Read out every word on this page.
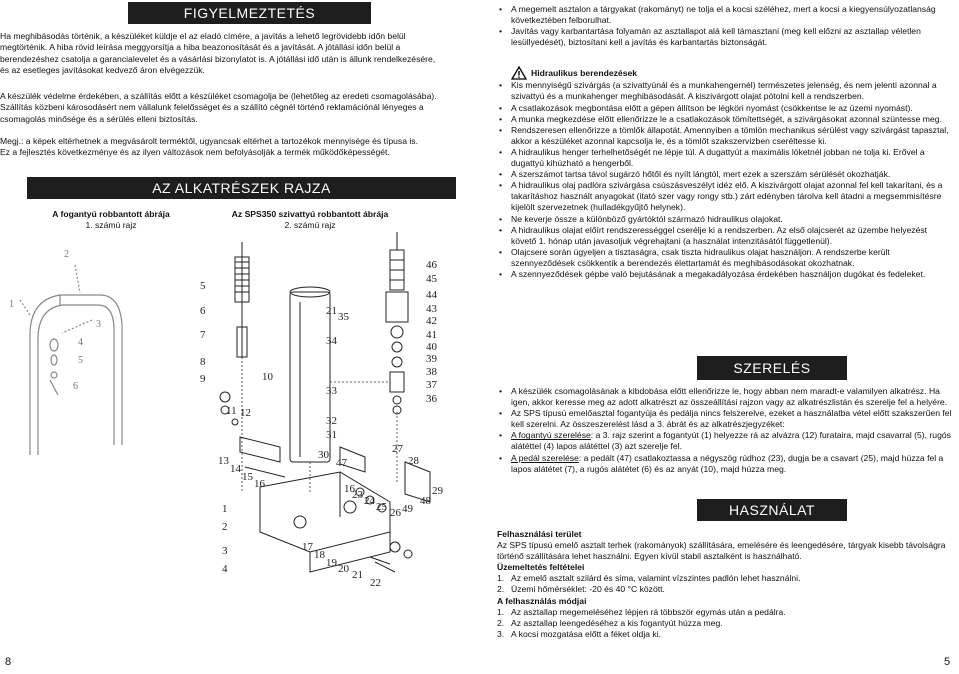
FIGYELMEZTETÉS
Ha meghibásodás történik, a készüléket küldje el az eladó címére, a javítás a lehető legrövidebb időn belül megtörténik. A hiba rövid leírása meggyorsítja a hiba beazonosítását és a javítását. A jótállási időn belül a berendezéshez csatolja a garancialevelet és a vásárlási bizonylatot is. A jótállási idő után is állunk rendelkezésére, és az esetleges javításokat kedvező áron elvégezzük.
A készülék védelme érdekében, a szállítás előtt a készüléket csomagolja be (lehetőleg az eredeti csomagolásába). Szállítás közbeni károsodásért nem vállalunk felelősséget és a szállító cégnél történő reklamációnál lényeges a csomagolás minősége és a sérülés elleni biztosítás.
Megj.: a képek eltérhetnek a megvásárolt terméktől, ugyancsak eltérhet a tartozékok mennyisége és típusa is. Ez a fejlesztés következménye és az ilyen változások nem befolyásolják a termék működőképességét.
AZ ALKATRÉSZEK RAJZA
A fogantyú robbantott ábrája
1. számú rajz
Az SPS350 szivattyú robbantott ábrája
2. számú rajz
1
2
3
4
5
6
5
6
7
8
9	10
11 12
13
14
15
16
1
2
3
4
21 35
34
33
32
31
30
47
16
23 24 25 26 49
48
27
28
29
17
18
19 20 21
22
46
45
44
43
42
41
40
39
38
37
36
8
• A megemelt asztalon a tárgyakat (rakományt) ne tolja el a kocsi széléhez, mert a kocsi a kiegyensúlyozatlanság következtében felborulhat.
• Javítás vagy karbantartása folyamán az asztallapot alá kell támasztani (meg kell előzni az asztallap véletlen lesüllyedését), biztosítani kell a javítás és karbantartás biztonságát.
Hidraulikus berendezések
• Kis mennyiségű szivárgás (a szivattyúnál és a munkahengernél) természetes jelenség, és nem jelenti azonnal a szivattyú és a munkahenger meghibásodását. A kiszivárgott olajat pótolni kell a rendszerben.
• A csatlakozások megbontása előtt a gépen állítson be légköri nyomást (csökkentse le az üzemi nyomást).
• A munka megkezdése előtt ellenőrizze le a csatlakozások tömítettségét, a szivárgásokat azonnal szüntesse meg.
• Rendszeresen ellenőrizze a tömlők állapotát. Amennyiben a tömlön mechanikus sérülést vagy szivárgást tapasztal, akkor a készüléket azonnal kapcsolja le, és a tömlőt szakszervizben cseréltesse ki.
• A hidraulikus henger terhelhetőségét ne lépje túl. A dugattyút a maximális löketnél jobban ne tolja ki. Erővel a dugattyú kihúzható a hengerből.
• A szerszámot tartsa távol sugárzó hőtől és nyílt lángtól, mert ezek a szerszám sérülését okozhatják.
• A hidraulikus olaj padlóra szivárgása csúszásveszélyt idéz elő. A kiszivárgott olajat azonnal fel kell takarítani, és a takarításhoz használt anyagokat (itató szer vagy rongy stb.) zárt edényben tárolva kell átadni a megsemmisítésre kijelölt szervezetnek (hulladékgyűjtő helynek).
• Ne keverje össze a különböző gyártóktól származó hidraulikus olajokat.
• A hidraulikus olajat előírt rendszerességgel cserélje ki a rendszerben. Az első olajcserét az üzembe helyezést követő 1. hónap után javasoljuk végrehajtani (a használat intenzitásától függetlenül).
• Olajcsere során ügyeljen a tisztaságra, csak tiszta hidraulikus olajat használjon. A rendszerbe került szennyeződések csökkentik a berendezés élettartamát és meghibásodásokat okozhatnak.
• A szennyeződések gépbe való bejutásának a megakadályozása érdekében használjon dugókat és fedeleket.
SZERELÉS
• A készülék csomagolásának a kibdobása előtt ellenőrizze le, hogy abban nem maradt-e valamilyen alkatrész. Ha igen, akkor keresse meg az adott alkatrészt az összeállítási rajzon vagy az alkatrészlistán és szerelje fel a helyére.
• Az SPS típusú emelőasztal fogantyúja és pedálja nincs felszerelve, ezeket a használatba vétel előtt szakszerűen fel kell szerelni. Az összeszerelést lásd a 3. ábrát és az alkatrészjegyzéket:
• A fogantyú szerelése: a 3. rajz szerint a fogantyút (1) helyezze rá az alvázra (12) furataira, majd csavarral (5), rugós alátéttel (4) lapos alátéttel (3) azt szerelje fel.
• A pedál szerelése: a pedált (47) csatlakoztassa a négyszög rúdhoz (23), dugja be a csavart (25), majd húzza fel a lapos alátétet (7), a rugós alátétet (6) és az anyát (10), majd húzza meg.
HASZNÁLAT
Felhasználási terület
Az SPS típusú emelő asztalt terhek (rakományok) szállítására, emelésére és leengedésére, tárgyak kisebb távolságra történő szállítására lehet használni. Egyen kívül stabil asztalként is használható.
Üzemeltetés feltételei
1. Az emelő asztalt szilárd és sima, valamint vízszintes padlón lehet használni.
2. Üzemi hőmérséklet: -20 és 40 °C között.
A felhasználás módjai
1. Az asztallap megemeléséhez lépjen rá többször egymás után a pedálra.
2. Az asztallap leengedéséhez a kis fogantyút húzza meg.
3. A kocsi mozgatása előtt a féket oldja ki.
5
